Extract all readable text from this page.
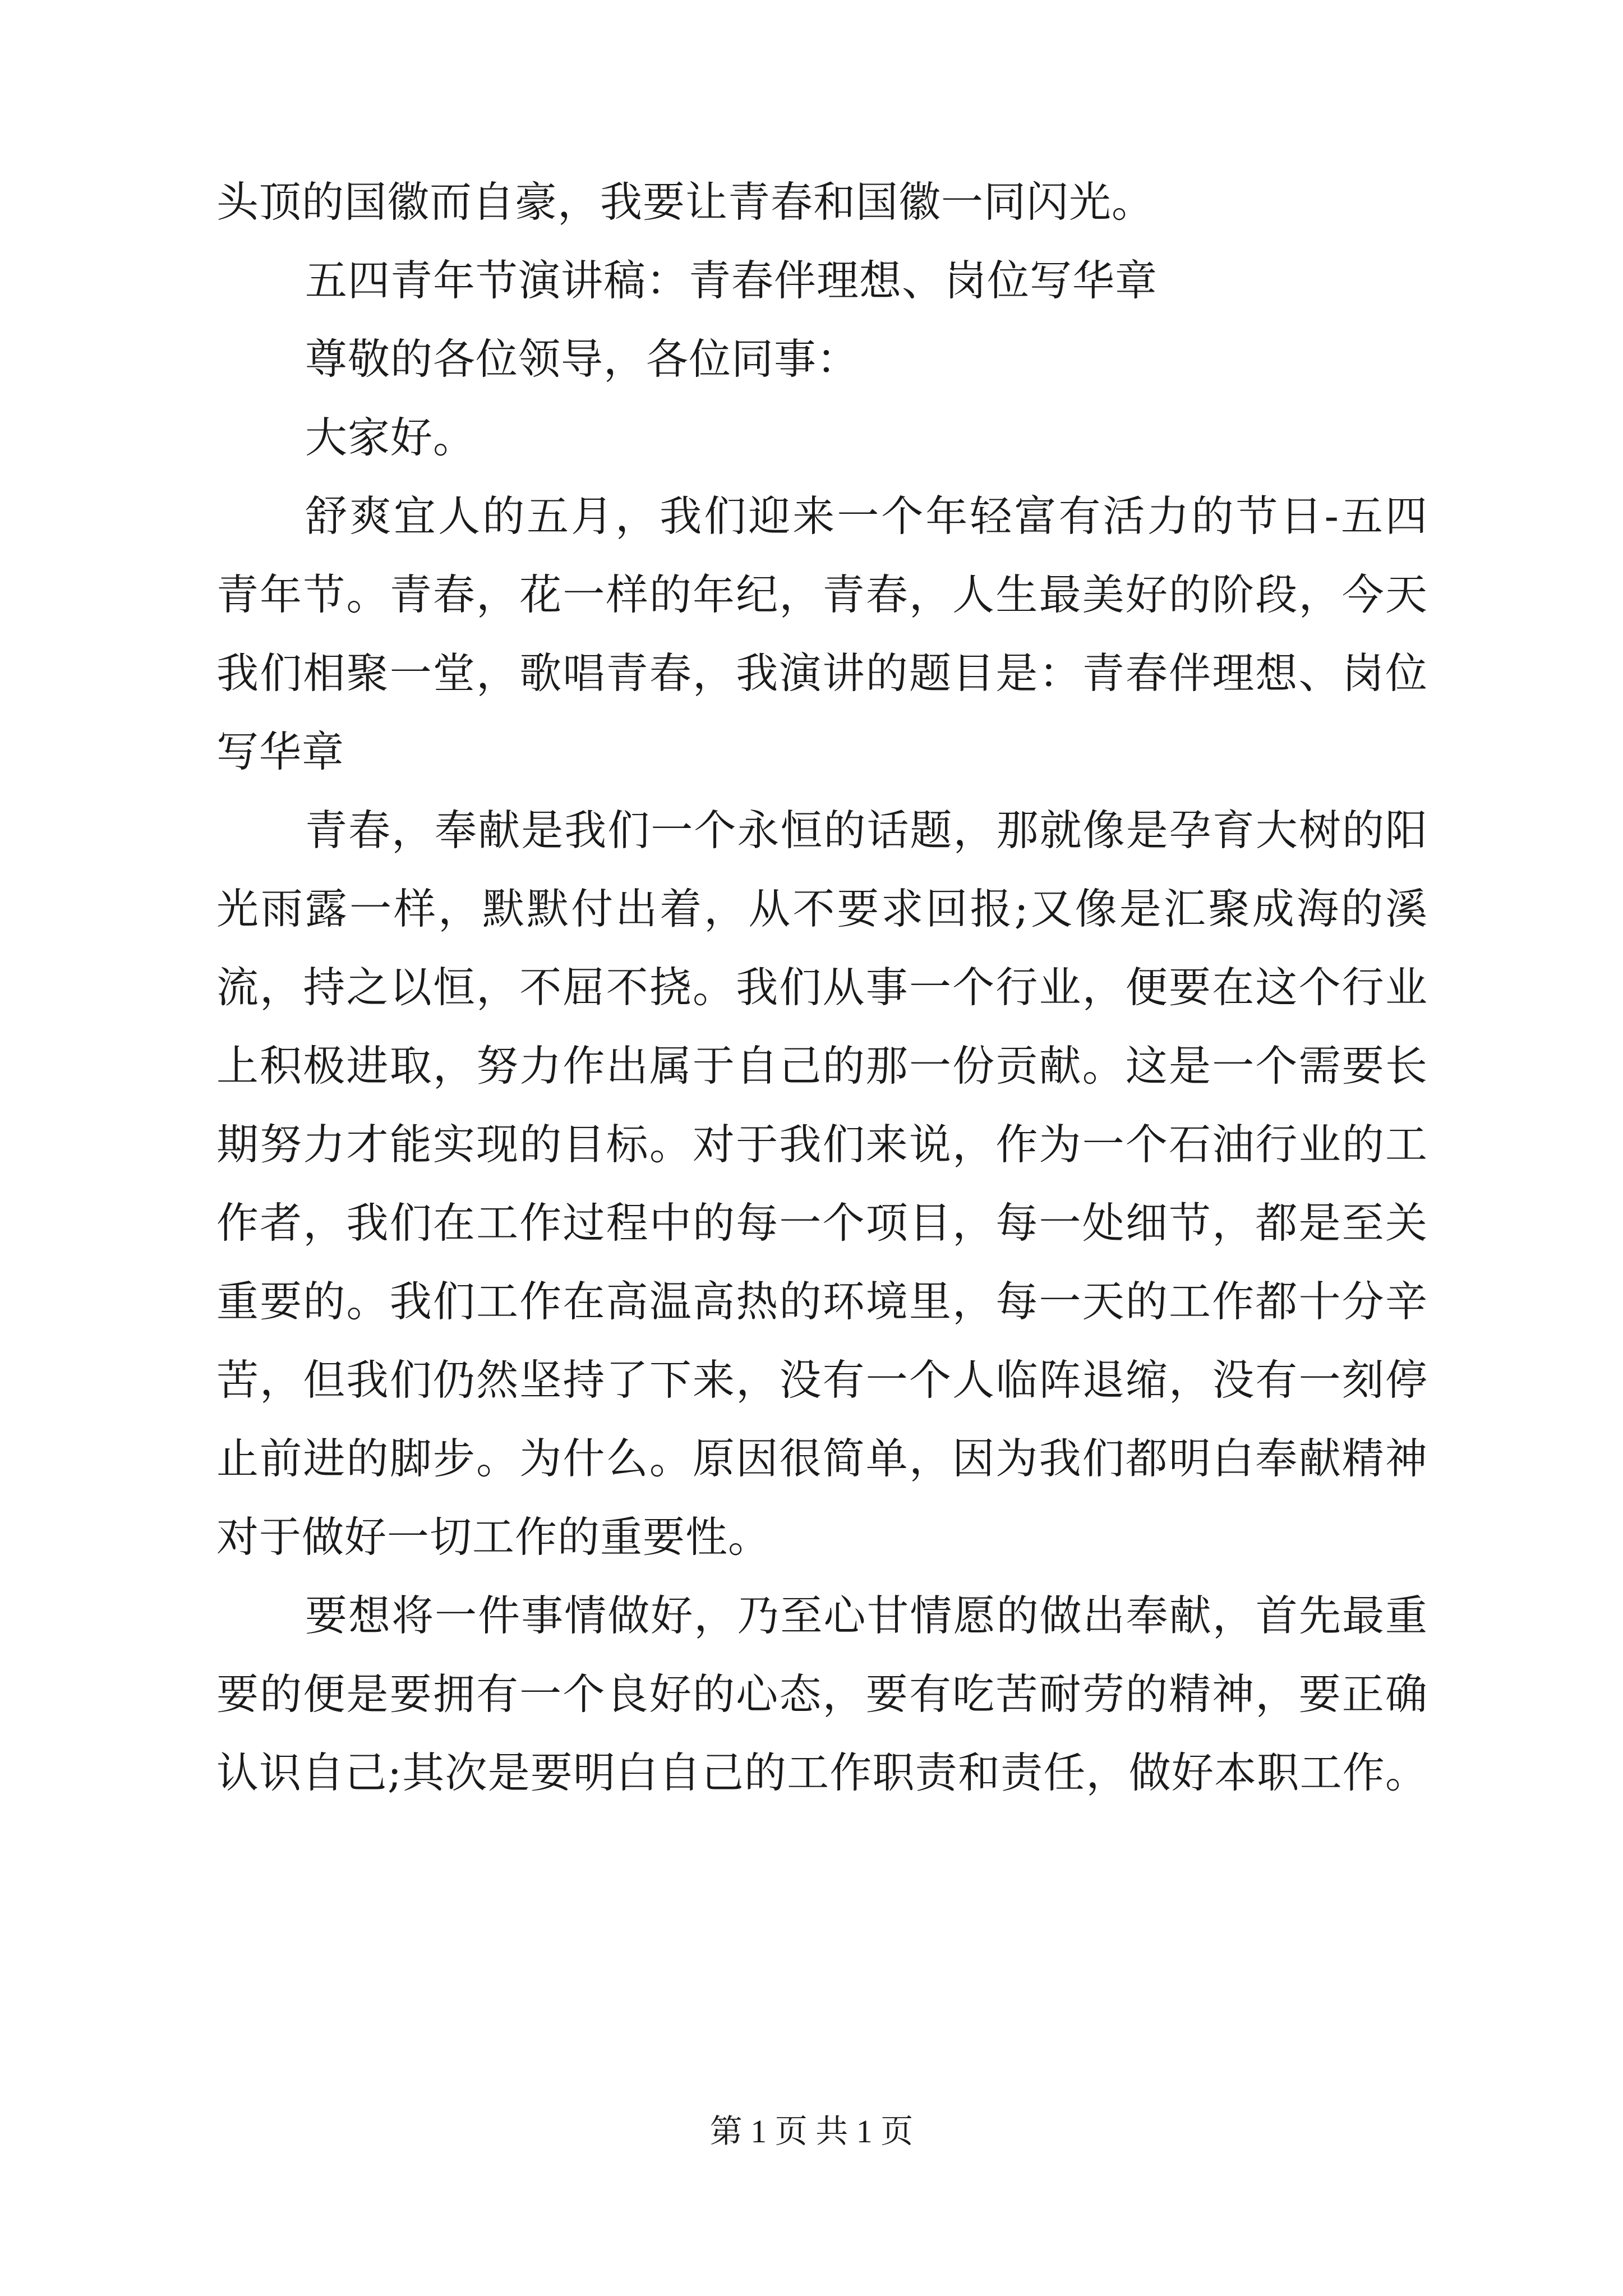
头顶的国徽而自豪，我要让青春和国徽一同闪光。
五四青年节演讲稿：青春伴理想、岗位写华章
尊敬的各位领导，各位同事：
大家好。
舒爽宜人的五月，我们迎来一个年轻富有活力的节日-五四
青年节。青春，花一样的年纪，青春，人生最美好的阶段，今天
我们相聚一堂，歌唱青春，我演讲的题目是：青春伴理想、岗位
写华章
青春，奉献是我们一个永恒的话题，那就像是孕育大树的阳
光雨露一样，默默付出着，从不要求回报;又像是汇聚成海的溪
流，持之以恒，不屈不挠。我们从事一个行业，便要在这个行业
上积极进取，努力作出属于自己的那一份贡献。这是一个需要长
期努力才能实现的目标。对于我们来说，作为一个石油行业的工
作者，我们在工作过程中的每一个项目，每一处细节，都是至关
重要的。我们工作在高温高热的环境里，每一天的工作都十分辛
苦，但我们仍然坚持了下来，没有一个人临阵退缩，没有一刻停
止前进的脚步。为什么。原因很简单，因为我们都明白奉献精神
对于做好一切工作的重要性。
要想将一件事情做好，乃至心甘情愿的做出奉献，首先最重
要的便是要拥有一个良好的心态，要有吃苦耐劳的精神，要正确
认识自己;其次是要明白自己的工作职责和责任，做好本职工作。
第 1 页 共 1 页
